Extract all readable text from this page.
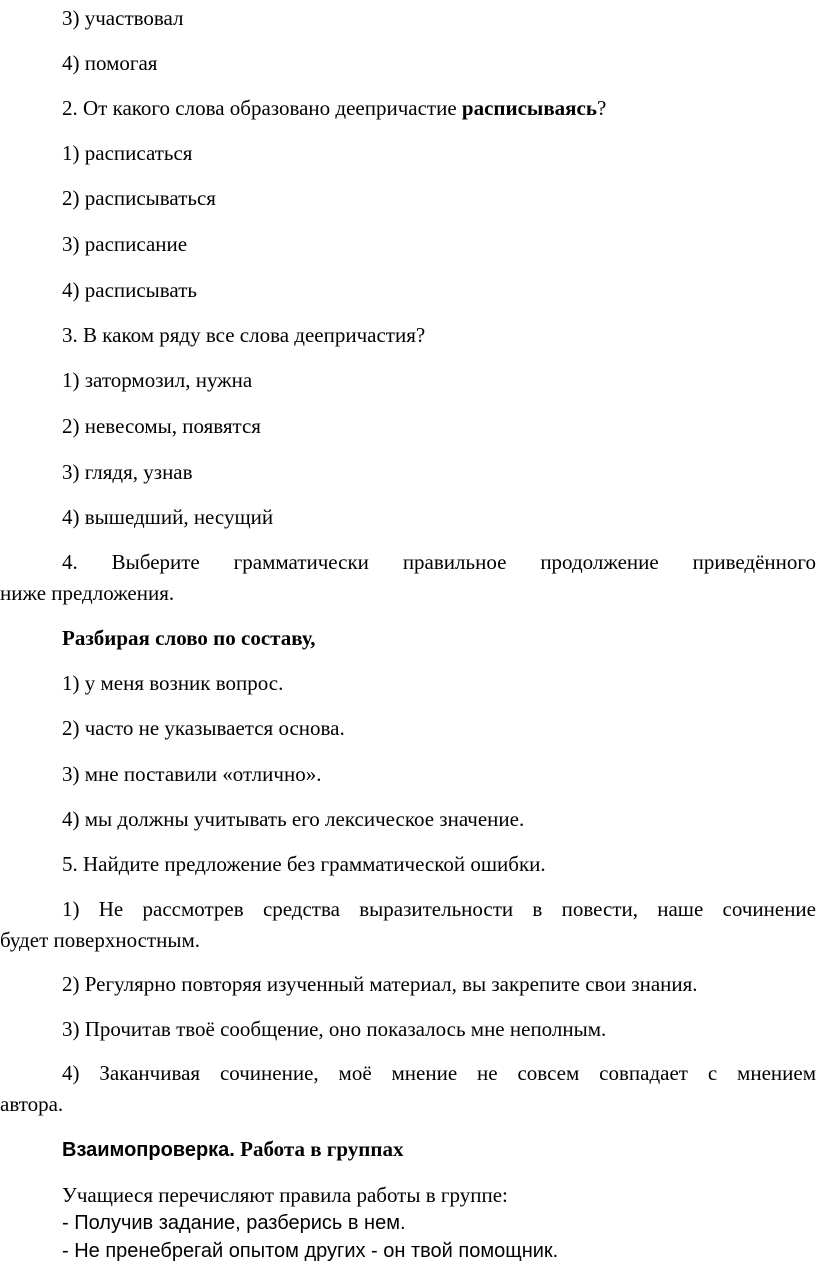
3) участвовал
4) помогая
2. От какого слова образовано деепричастие расписываясь?
1) расписаться
2) расписываться
3) расписание
4) расписывать
3. В каком ряду все слова деепричастия?
1) затормозил, нужна
2) невесомы, появятся
3) глядя, узнав
4) вышедший, несущий
4. Выберите грамматически правильное продолжение приведённого
ниже предложения.
Разбирая слово по составу,
1) у меня возник вопрос.
2) часто не указывается основа.
3) мне поставили «отлично».
4) мы должны учитывать его лексическое значение.
5. Найдите предложение без грамматической ошибки.
1) Не рассмотрев средства выразительности в повести, наше сочинение
будет поверхностным.
2) Регулярно повторяя изученный материал, вы закрепите свои знания.
3) Прочитав твоё сообщение, оно показалось мне неполным.
4) Заканчивая сочинение, моё мнение не совсем совпадает с мнением
автора.
Взаимопроверка. Работа в группах
Учащиеся перечисляют правила работы в группе:
- Получив задание, разберись в нем.
- Не пренебрегай опытом других - он твой помощник.
